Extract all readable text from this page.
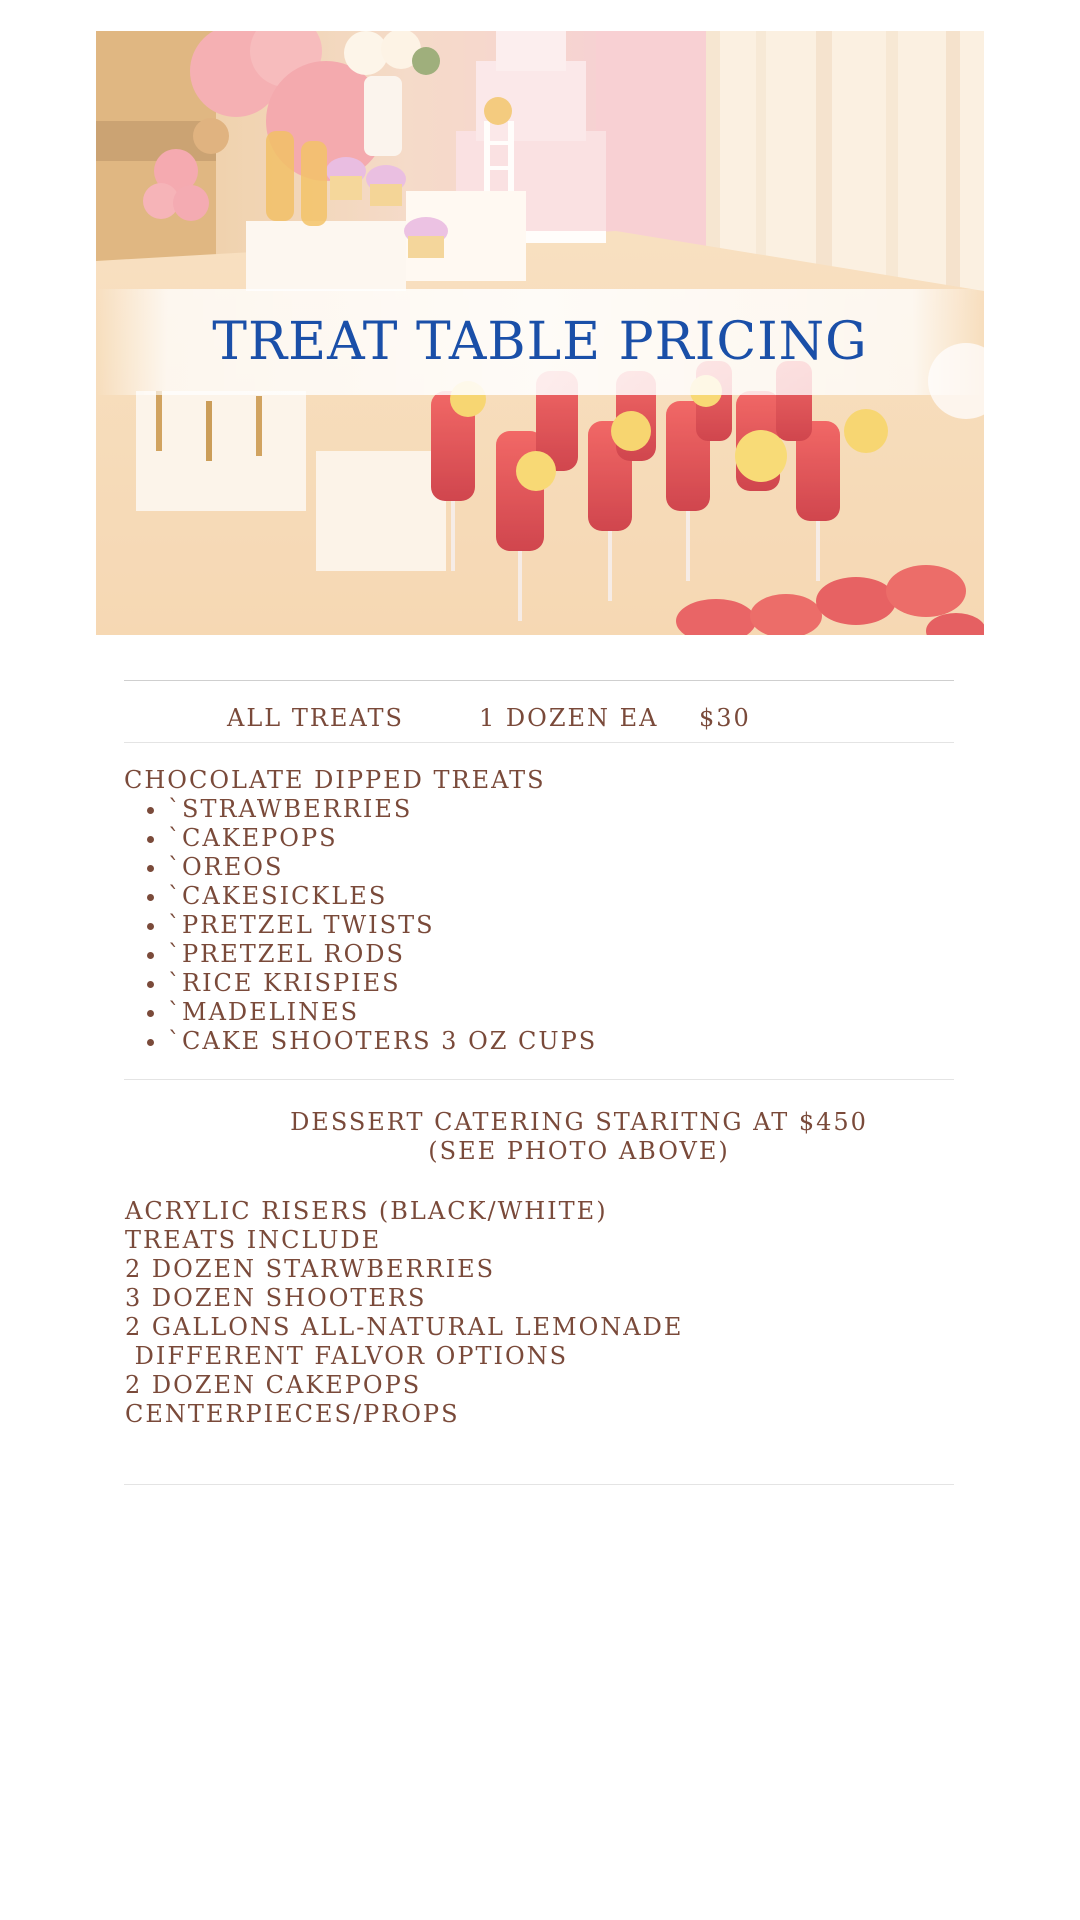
TREAT TABLE PRICING
ALL TREATS	1 DOZEN EA $30
CHOCOLATE DIPPED TREATS
• `STRAWBERRIES
• `CAKEPOPS
• `OREOS
• `CAKESICKLES
• `PRETZEL TWISTS
• `PRETZEL RODS
• `RICE KRISPIES
• `MADELINES
• `CAKE SHOOTERS 3 OZ CUPS
DESSERT CATERING STARITNG AT $450
(SEE PHOTO ABOVE)
ACRYLIC RISERS (BLACK/WHITE)
TREATS INCLUDE
2 DOZEN STARWBERRIES
3 DOZEN SHOOTERS
2 GALLONS ALL-NATURAL LEMONADE
DIFFERENT FALVOR OPTIONS
2 DOZEN CAKEPOPS
CENTERPIECES/PROPS
